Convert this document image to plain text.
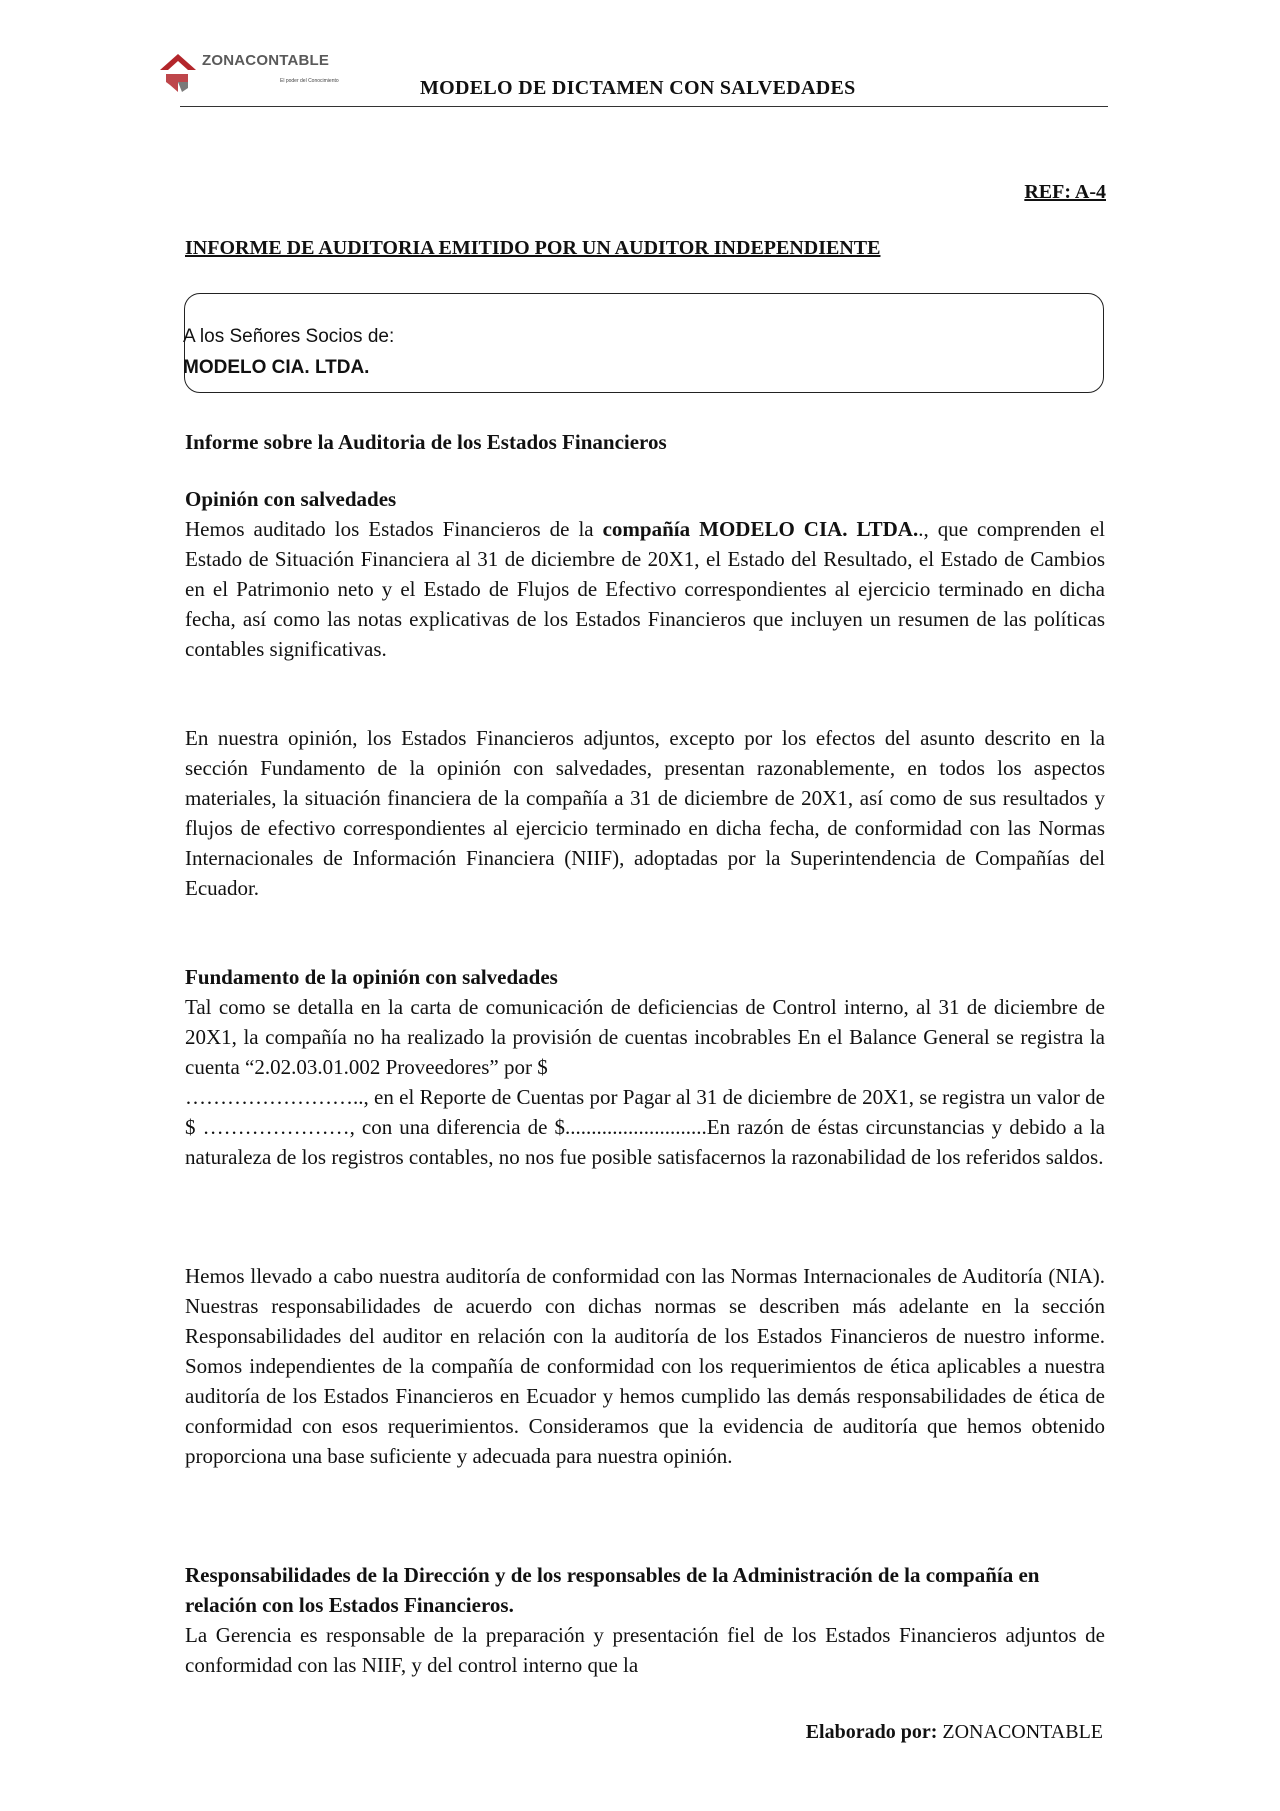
ZONACONTABLE
El poder del Conocimiento	MODELO DE DICTAMEN CON SALVEDADES
REF: A-4
INFORME DE AUDITORIA EMITIDO POR UN AUDITOR INDEPENDIENTE
A los Señores Socios de:
MODELO CIA. LTDA.

Informe sobre la Auditoria de los Estados Financieros

Opinión con salvedades

Hemos auditado los Estados Financieros de la compañía MODELO CIA. LTDA.., que comprenden el Estado de Situación Financiera al 31 de diciembre de 20X1, el Estado del Resultado, el Estado de Cambios en el Patrimonio neto y el Estado de Flujos de Efectivo correspondientes al ejercicio terminado en dicha fecha, así como las notas explicativas de los Estados Financieros que incluyen un resumen de las políticas contables significativas.

En nuestra opinión, los Estados Financieros adjuntos, excepto por los efectos del asunto descrito en la sección Fundamento de la opinión con salvedades, presentan razonablemente, en todos los aspectos materiales, la situación financiera de la compañía a 31 de diciembre de 20X1, así como de sus resultados y flujos de efectivo correspondientes al ejercicio terminado en dicha fecha, de conformidad con las Normas Internacionales de Información Financiera (NIIF), adoptadas por la Superintendencia de Compañías del Ecuador.

Fundamento de la opinión con salvedades

Tal como se detalla en la carta de comunicación de deficiencias de Control interno, al 31 de diciembre de 20X1, la compañía no ha realizado la provisión de cuentas incobrables En el Balance General se registra la cuenta “2.02.03.01.002 Proveedores” por $

…………………….., en el Reporte de Cuentas por Pagar al 31 de diciembre de 20X1, se registra un valor de $ …………………, con una diferencia de $...........................En razón de éstas circunstancias y debido a la naturaleza de los registros contables, no nos fue posible satisfacernos la razonabilidad de los referidos saldos.

Hemos llevado a cabo nuestra auditoría de conformidad con las Normas Internacionales de Auditoría (NIA). Nuestras responsabilidades de acuerdo con dichas normas se describen más adelante en la sección Responsabilidades del auditor en relación con la auditoría de los Estados Financieros de nuestro informe. Somos independientes de la compañía de conformidad con los requerimientos de ética aplicables a nuestra auditoría de los Estados Financieros en Ecuador y hemos cumplido las demás responsabilidades de ética de conformidad con esos requerimientos. Consideramos que la evidencia de auditoría que hemos obtenido proporciona una base suficiente y adecuada para nuestra opinión.

Responsabilidades de la Dirección y de los responsables de la Administración de la compañía en relación con los Estados Financieros.

La Gerencia es responsable de la preparación y presentación fiel de los Estados Financieros adjuntos de conformidad con las NIIF, y del control interno que la

Elaborado por: ZONACONTABLE
